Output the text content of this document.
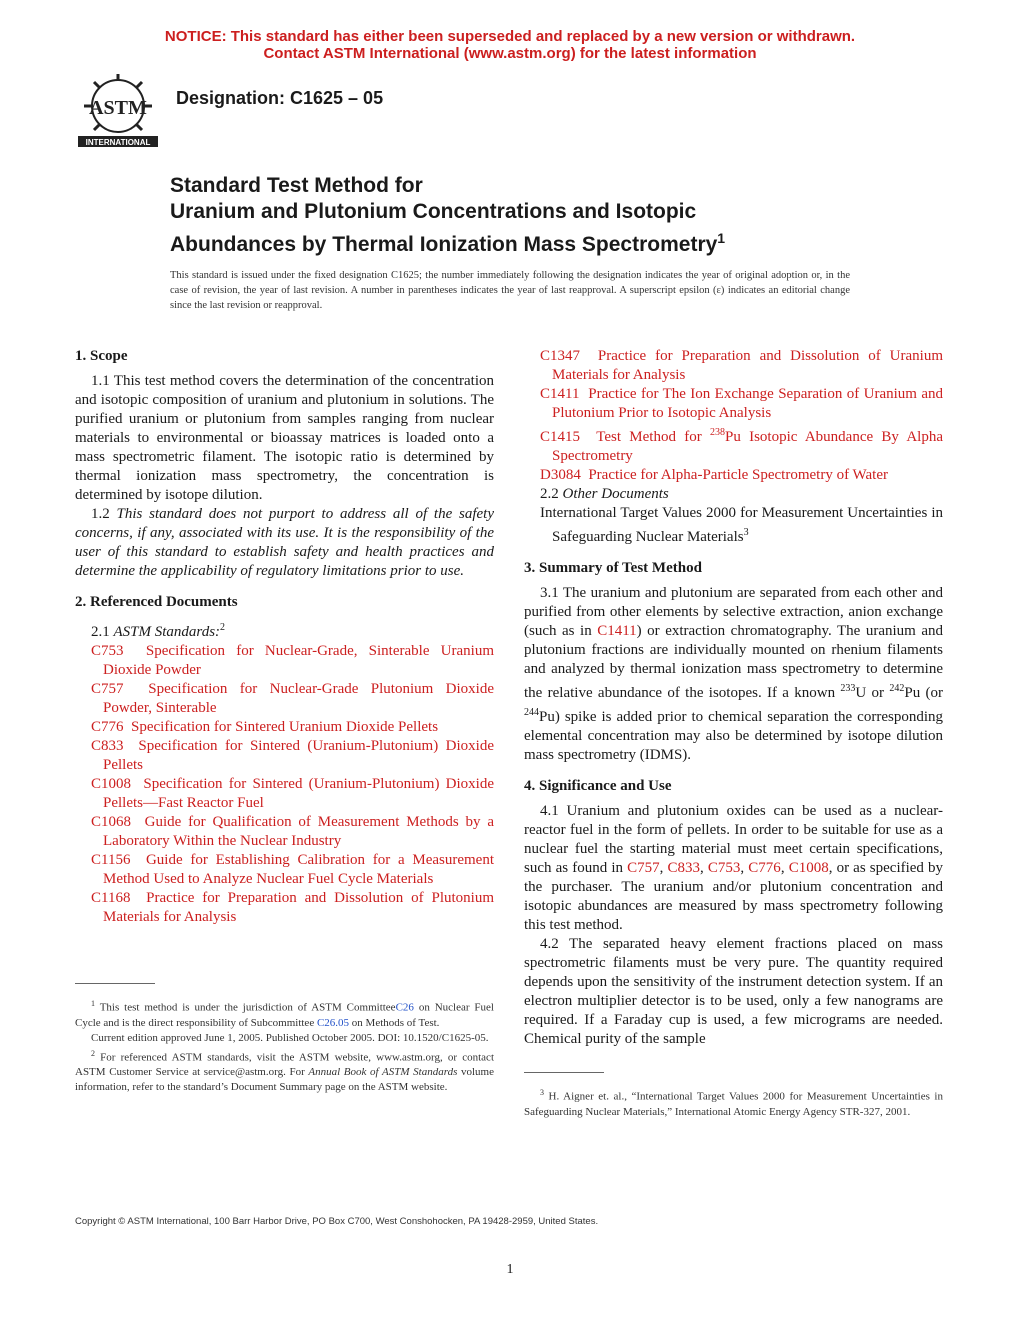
NOTICE: This standard has either been superseded and replaced by a new version or withdrawn.
Contact ASTM International (www.astm.org) for the latest information
ASTM
INTERNATIONAL
Designation: C1625 – 05
Standard Test Method for
Uranium and Plutonium Concentrations and Isotopic
Abundances by Thermal Ionization Mass Spectrometry$^1$
This standard is issued under the fixed designation C1625; the number immediately following the designation indicates the year of original adoption or, in the case of revision, the year of last revision. A number in parentheses indicates the year of last reapproval. A superscript epsilon (ε) indicates an editorial change since the last revision or reapproval.

1. Scope

1.1 This test method covers the determination of the concentration and isotopic composition of uranium and plutonium in solutions. The purified uranium or plutonium from samples ranging from nuclear materials to environmental or bioassay matrices is loaded onto a mass spectrometric filament. The isotopic ratio is determined by thermal ionization mass spectrometry, the concentration is determined by isotope dilution.

1.2 This standard does not purport to address all of the safety concerns, if any, associated with its use. It is the responsibility of the user of this standard to establish safety and health practices and determine the applicability of regulatory limitations prior to use.

2. Referenced Documents

2.1 ASTM Standards:$^2$

C753 Specification for Nuclear-Grade, Sinterable Uranium Dioxide Powder

C757 Specification for Nuclear-Grade Plutonium Dioxide Powder, Sinterable

C776 Specification for Sintered Uranium Dioxide Pellets

C833 Specification for Sintered (Uranium-Plutonium) Dioxide Pellets

C1008 Specification for Sintered (Uranium-Plutonium) Dioxide Pellets—Fast Reactor Fuel

C1068 Guide for Qualification of Measurement Methods by a Laboratory Within the Nuclear Industry

C1156 Guide for Establishing Calibration for a Measurement Method Used to Analyze Nuclear Fuel Cycle Materials

C1168 Practice for Preparation and Dissolution of Plutonium Materials for Analysis

C1347 Practice for Preparation and Dissolution of Uranium Materials for Analysis

C1411 Practice for The Ion Exchange Separation of Uranium and Plutonium Prior to Isotopic Analysis

C1415 Test Method for $^{238}$Pu Isotopic Abundance By Alpha Spectrometry

D3084 Practice for Alpha-Particle Spectrometry of Water

2.2 Other Documents

International Target Values 2000 for Measurement Uncertainties in Safeguarding Nuclear Materials$^3$

3. Summary of Test Method

3.1 The uranium and plutonium are separated from each other and purified from other elements by selective extraction, anion exchange (such as in C1411) or extraction chromatography. The uranium and plutonium fractions are individually mounted on rhenium filaments and analyzed by thermal ionization mass spectrometry to determine the relative abundance of the isotopes. If a known $^{233}$U or $^{242}$Pu (or $^{244}$Pu) spike is added prior to chemical separation the corresponding elemental concentration may also be determined by isotope dilution mass spectrometry (IDMS).

4. Significance and Use

4.1 Uranium and plutonium oxides can be used as a nuclear-reactor fuel in the form of pellets. In order to be suitable for use as a nuclear fuel the starting material must meet certain specifications, such as found in C757, C833, C753, C776, C1008, or as specified by the purchaser. The uranium and/or plutonium concentration and isotopic abundances are measured by mass spectrometry following this test method.

4.2 The separated heavy element fractions placed on mass spectrometric filaments must be very pure. The quantity required depends upon the sensitivity of the instrument detection system. If an electron multiplier detector is to be used, only a few nanograms are required. If a Faraday cup is used, a few micrograms are needed. Chemical purity of the sample

$^1$ This test method is under the jurisdiction of ASTM CommitteeC26 on Nuclear Fuel Cycle and is the direct responsibility of Subcommittee C26.05 on Methods of Test.

Current edition approved June 1, 2005. Published October 2005. DOI: 10.1520/C1625-05.

$^2$ For referenced ASTM standards, visit the ASTM website, www.astm.org, or contact ASTM Customer Service at service@astm.org. For Annual Book of ASTM Standards volume information, refer to the standard’s Document Summary page on the ASTM website.	$^3$ H. Aigner et. al., “International Target Values 2000 for Measurement Uncertainties in Safeguarding Nuclear Materials,” International Atomic Energy Agency STR-327, 2001.

Copyright © ASTM International, 100 Barr Harbor Drive, PO Box C700, West Conshohocken, PA 19428-2959, United States.
1
